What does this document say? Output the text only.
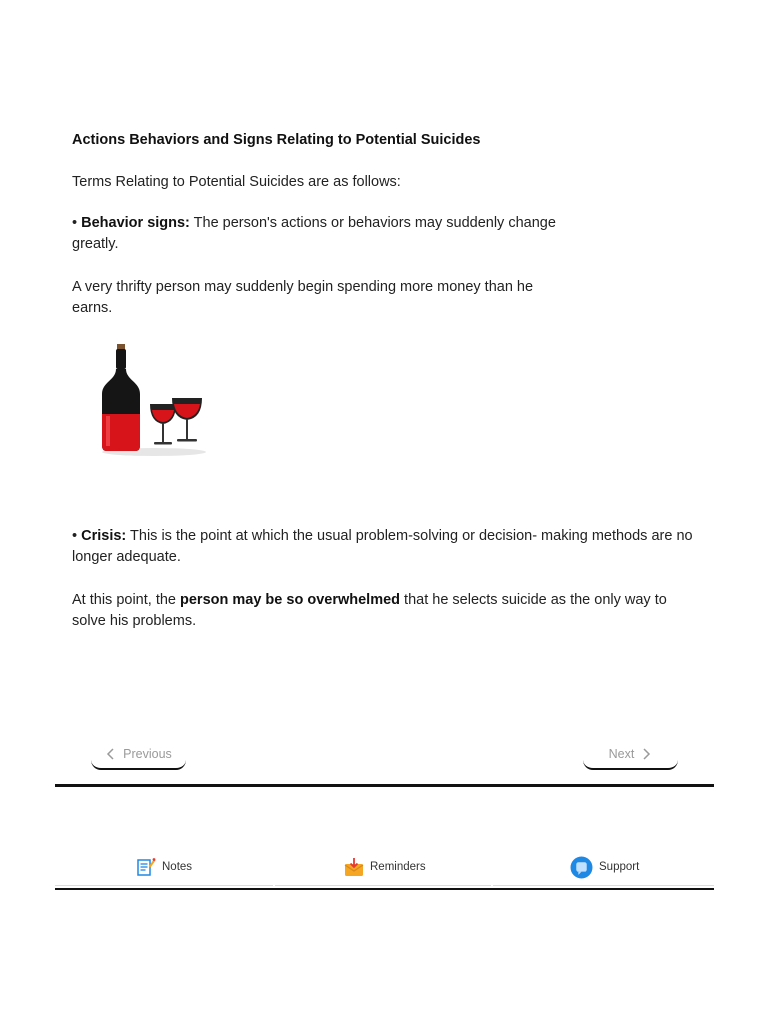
Actions Behaviors and Signs Relating to Potential Suicides

Terms Relating to Potential Suicides are as follows:

• Behavior signs: The person's actions or behaviors may suddenly change greatly.

A very thrifty person may suddenly begin spending more money than he earns.

• Crisis: This is the point at which the usual problem-solving or decision- making methods are no longer adequate.

At this point, the person may be so overwhelmed that he selects suicide as the only way to solve his problems.

Previous	Next
Notes	Reminders	Support
